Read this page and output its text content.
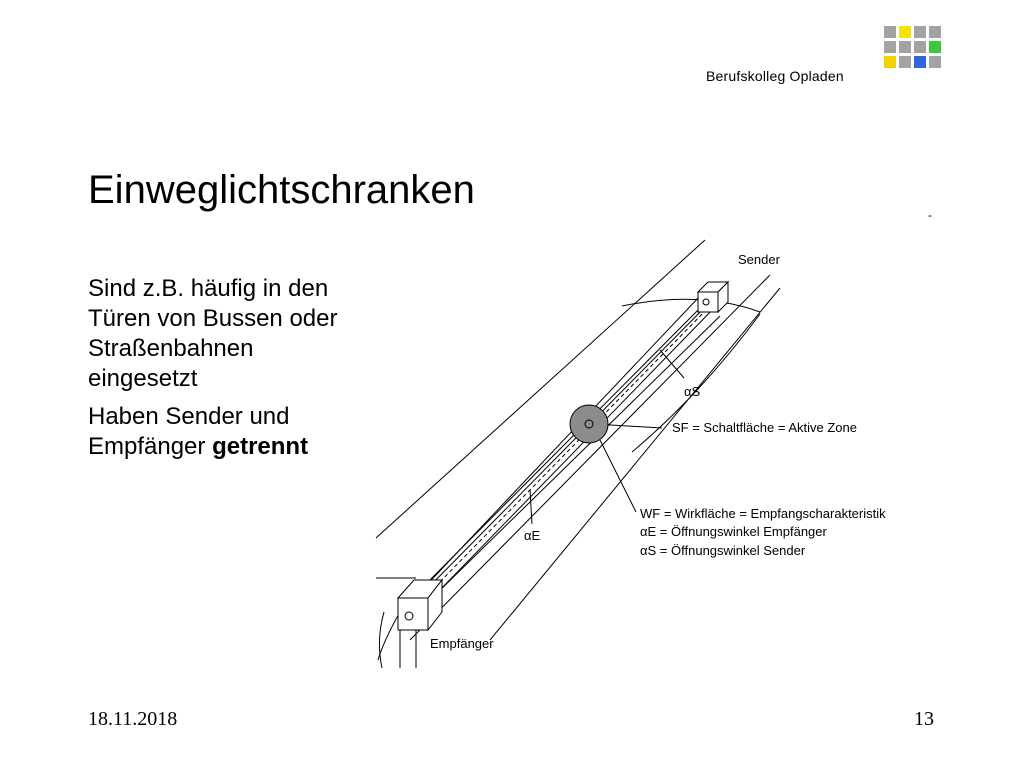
Berufskolleg Opladen
Einweglichtschranken
-
Sind z.B. häufig in den Türen von Bussen oder Straßenbahnen eingesetzt
Haben Sender und Empfänger getrennt
Sender
αS
SF = Schaltfläche = Aktive Zone
WF = Wirkfläche = Empfangscharakteristik
αE = Öffnungswinkel Empfänger
αS = Öffnungswinkel Sender
αE
Empfänger
18.11.2018	13
